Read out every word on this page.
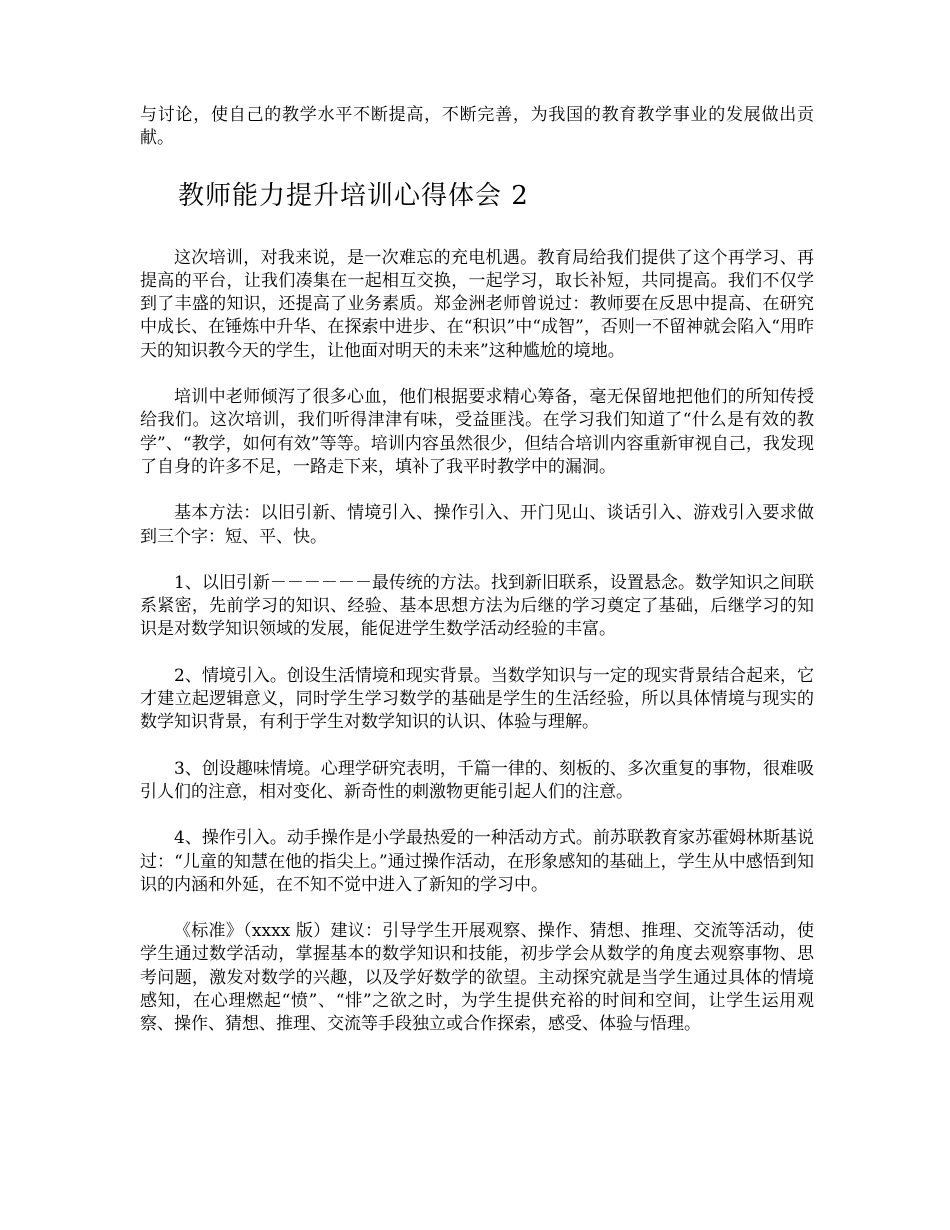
与讨论，使自己的教学水平不断提高，不断完善，为我国的教育教学事业的发展做出贡献。

教师能力提升培训心得体会 2

这次培训，对我来说，是一次难忘的充电机遇。教育局给我们提供了这个再学习、再提高的平台，让我们凑集在一起相互交换，一起学习，取长补短，共同提高。我们不仅学到了丰盛的知识，还提高了业务素质。郑金洲老师曾说过：教师要在反思中提高、在研究中成长、在锤炼中升华、在探索中进步、在“积识”中“成智”，否则一不留神就会陷入“用昨天的知识教今天的学生，让他面对明天的未来”这种尴尬的境地。

培训中老师倾泻了很多心血，他们根据要求精心筹备，毫无保留地把他们的所知传授给我们。这次培训，我们听得津津有味，受益匪浅。在学习我们知道了“什么是有效的教学”、“教学，如何有效”等等。培训内容虽然很少，但结合培训内容重新审视自己，我发现了自身的许多不足，一路走下来，填补了我平时教学中的漏洞。

基本方法：以旧引新、情境引入、操作引入、开门见山、谈话引入、游戏引入要求做到三个字：短、平、快。

1、以旧引新－－－－－－最传统的方法。找到新旧联系，设置悬念。数学知识之间联系紧密，先前学习的知识、经验、基本思想方法为后继的学习奠定了基础，后继学习的知识是对数学知识领域的发展，能促进学生数学活动经验的丰富。

2、情境引入。创设生活情境和现实背景。当数学知识与一定的现实背景结合起来，它才建立起逻辑意义，同时学生学习数学的基础是学生的生活经验，所以具体情境与现实的数学知识背景，有利于学生对数学知识的认识、体验与理解。

3、创设趣味情境。心理学研究表明，千篇一律的、刻板的、多次重复的事物，很难吸引人们的注意，相对变化、新奇性的刺激物更能引起人们的注意。

4、操作引入。动手操作是小学最热爱的一种活动方式。前苏联教育家苏霍姆林斯基说过：“儿童的知慧在他的指尖上。”通过操作活动，在形象感知的基础上，学生从中感悟到知识的内涵和外延，在不知不觉中进入了新知的学习中。

《标准》（xxxx 版）建议：引导学生开展观察、操作、猜想、推理、交流等活动，使学生通过数学活动，掌握基本的数学知识和技能，初步学会从数学的角度去观察事物、思考问题，激发对数学的兴趣，以及学好数学的欲望。主动探究就是当学生通过具体的情境感知，在心理燃起“愤”、“悱”之欲之时，为学生提供充裕的时间和空间，让学生运用观察、操作、猜想、推理、交流等手段独立或合作探索，感受、体验与悟理。
